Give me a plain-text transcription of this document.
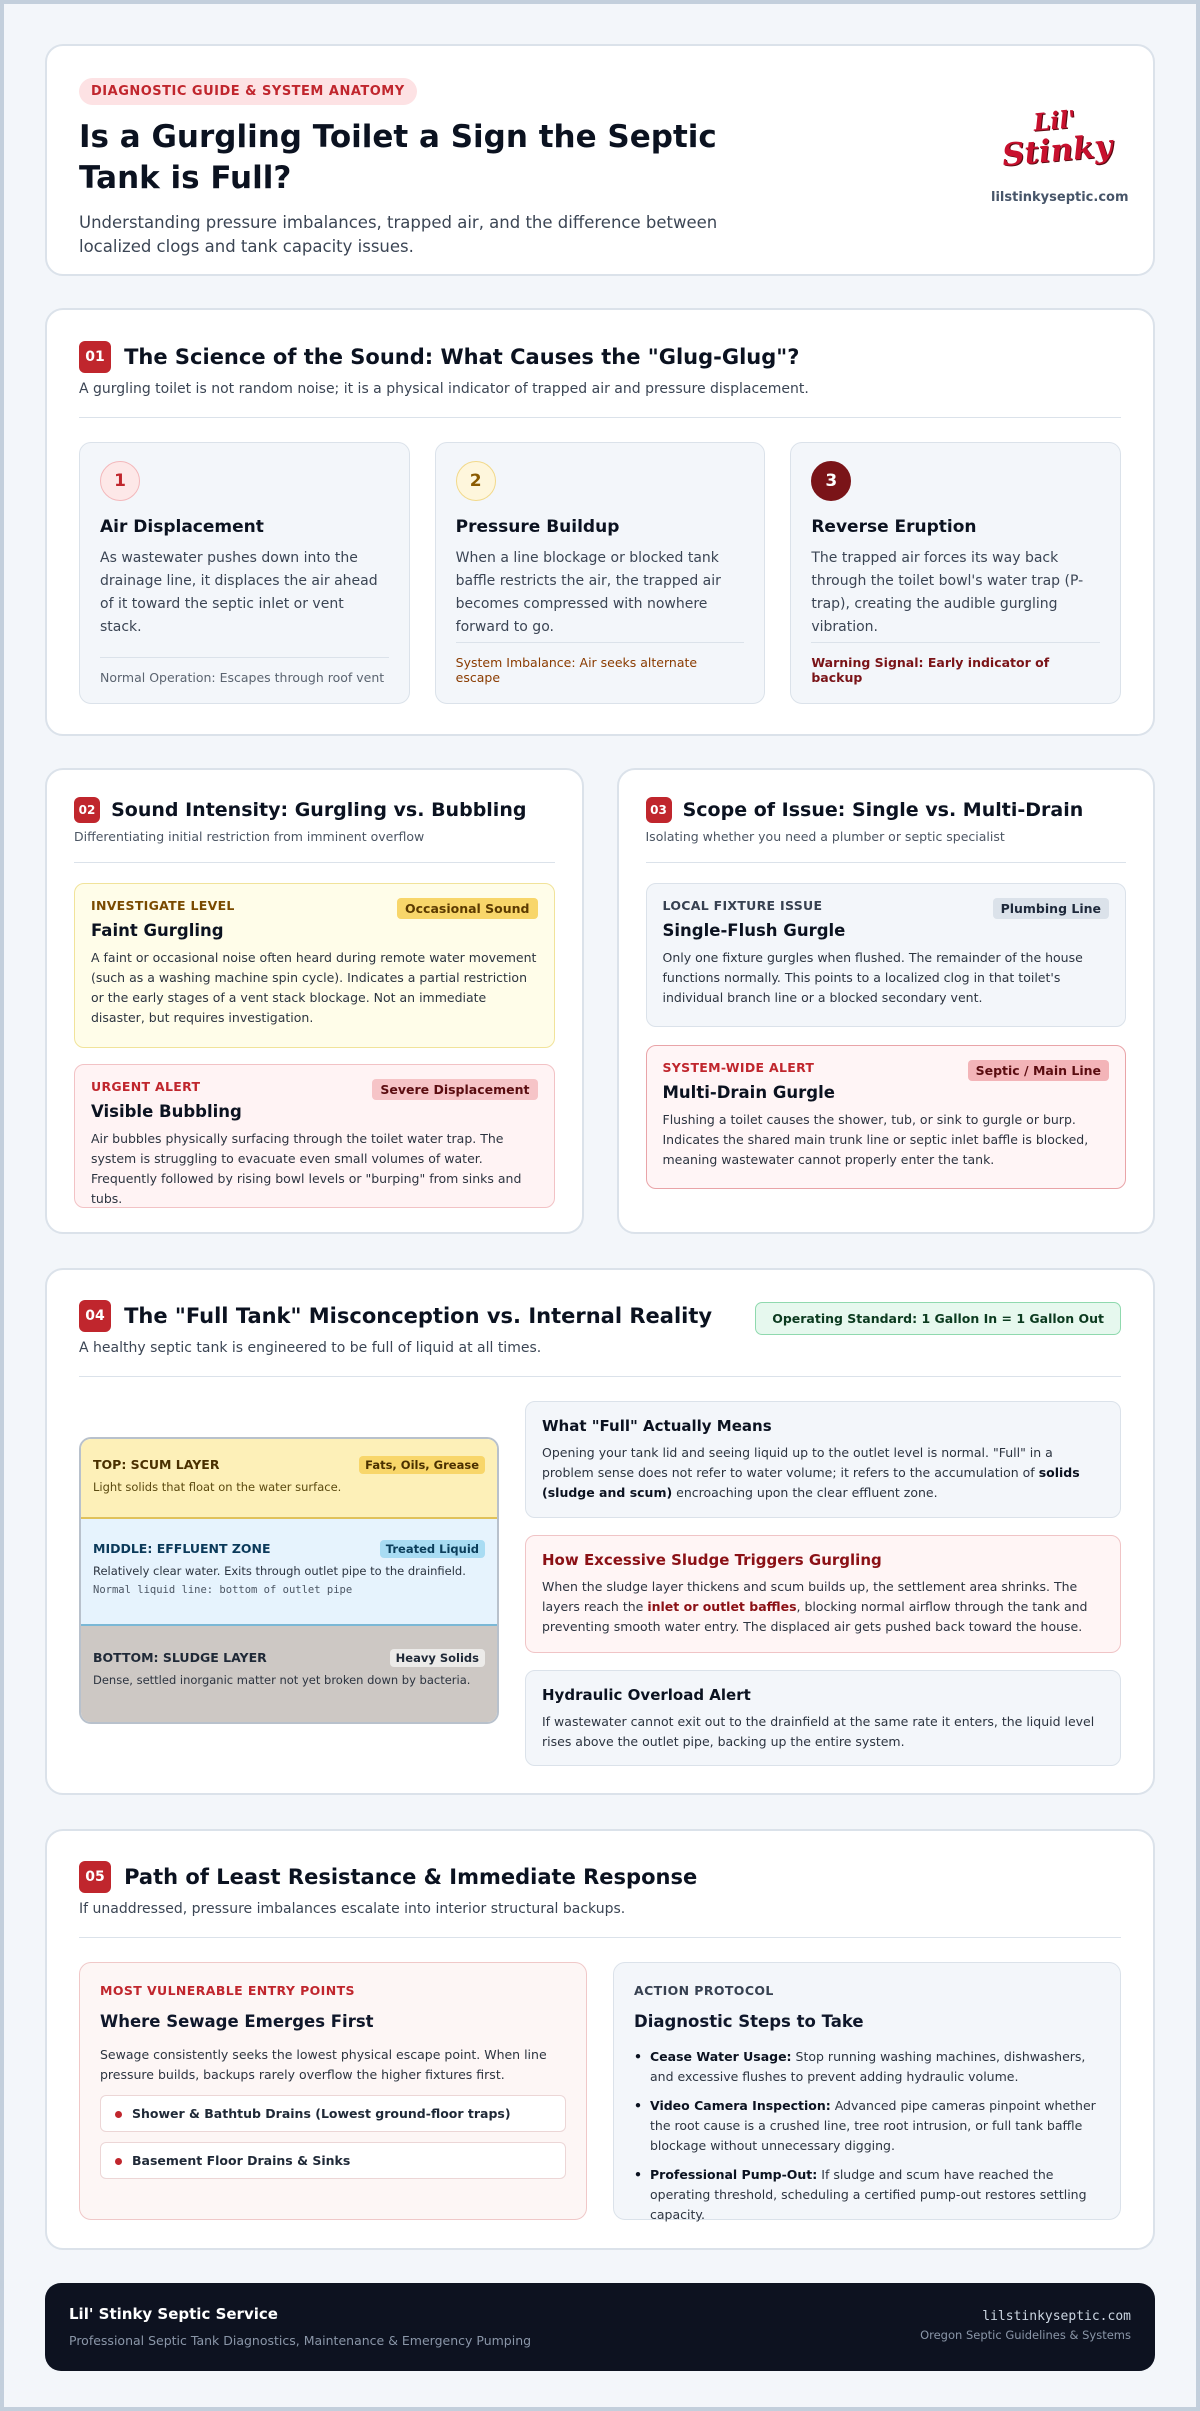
DIAGNOSTIC GUIDE & SYSTEM ANATOMY
Is a Gurgling Toilet a Sign the Septic Tank is Full?

Understanding pressure imbalances, trapped air, and the difference between localized clogs and tank capacity issues.

Lil'
Stinky
lilstinkyseptic.com
01 The Science of the Sound: What Causes the "Glug-Glug"?

A gurgling toilet is not random noise; it is a physical indicator of trapped air and pressure displacement.

1
Air Displacement

As wastewater pushes down into the drainage line, it displaces the air ahead of it toward the septic inlet or vent stack.

Normal Operation: Escapes through roof vent
2
Pressure Buildup

When a line blockage or blocked tank baffle restricts the air, the trapped air becomes compressed with nowhere forward to go.

System Imbalance: Air seeks alternate escape
3
Reverse Eruption

The trapped air forces its way back through the toilet bowl's water trap (P-trap), creating the audible gurgling vibration.

Warning Signal: Early indicator of backup
02 Sound Intensity: Gurgling vs. Bubbling

Differentiating initial restriction from imminent overflow

INVESTIGATE LEVEL	Occasional Sound
Faint Gurgling

A faint or occasional noise often heard during remote water movement (such as a washing machine spin cycle). Indicates a partial restriction or the early stages of a vent stack blockage. Not an immediate disaster, but requires investigation.

URGENT ALERT	Severe Displacement
Visible Bubbling

Air bubbles physically surfacing through the toilet water trap. The system is struggling to evacuate even small volumes of water. Frequently followed by rising bowl levels or "burping" from sinks and tubs.

03 Scope of Issue: Single vs. Multi-Drain

Isolating whether you need a plumber or septic specialist

LOCAL FIXTURE ISSUE	Plumbing Line
Single-Flush Gurgle

Only one fixture gurgles when flushed. The remainder of the house functions normally. This points to a localized clog in that toilet's individual branch line or a blocked secondary vent.

SYSTEM-WIDE ALERT	Septic / Main Line
Multi-Drain Gurgle

Flushing a toilet causes the shower, tub, or sink to gurgle or burp. Indicates the shared main trunk line or septic inlet baffle is blocked, meaning wastewater cannot properly enter the tank.

04 The "Full Tank" Misconception vs. Internal Reality	Operating Standard: 1 Gallon In = 1 Gallon Out

A healthy septic tank is engineered to be full of liquid at all times.

TOP: SCUM LAYER	Fats, Oils, Grease

Light solids that float on the water surface.

MIDDLE: EFFLUENT ZONE	Treated Liquid

Relatively clear water. Exits through outlet pipe to the drainfield.

Normal liquid line: bottom of outlet pipe
BOTTOM: SLUDGE LAYER	Heavy Solids

Dense, settled inorganic matter not yet broken down by bacteria.

What "Full" Actually Means

Opening your tank lid and seeing liquid up to the outlet level is normal. "Full" in a problem sense does not refer to water volume; it refers to the accumulation of solids (sludge and scum) encroaching upon the clear effluent zone.

How Excessive Sludge Triggers Gurgling

When the sludge layer thickens and scum builds up, the settlement area shrinks. The layers reach the inlet or outlet baffles, blocking normal airflow through the tank and preventing smooth water entry. The displaced air gets pushed back toward the house.

Hydraulic Overload Alert

If wastewater cannot exit out to the drainfield at the same rate it enters, the liquid level rises above the outlet pipe, backing up the entire system.

05 Path of Least Resistance & Immediate Response

If unaddressed, pressure imbalances escalate into interior structural backups.

MOST VULNERABLE ENTRY POINTS
Where Sewage Emerges First

Sewage consistently seeks the lowest physical escape point. When line pressure builds, backups rarely overflow the higher fixtures first.

Shower & Bathtub Drains (Lowest ground-floor traps)
Basement Floor Drains & Sinks
ACTION PROTOCOL
Diagnostic Steps to Take
• Cease Water Usage: Stop running washing machines, dishwashers, and excessive flushes to prevent adding hydraulic volume.
• Video Camera Inspection: Advanced pipe cameras pinpoint whether the root cause is a crushed line, tree root intrusion, or full tank baffle blockage without unnecessary digging.
• Professional Pump-Out: If sludge and scum have reached the operating threshold, scheduling a certified pump-out restores settling capacity.
Lil' Stinky Septic Service
Professional Septic Tank Diagnostics, Maintenance & Emergency Pumping
lilstinkyseptic.com
Oregon Septic Guidelines & Systems
